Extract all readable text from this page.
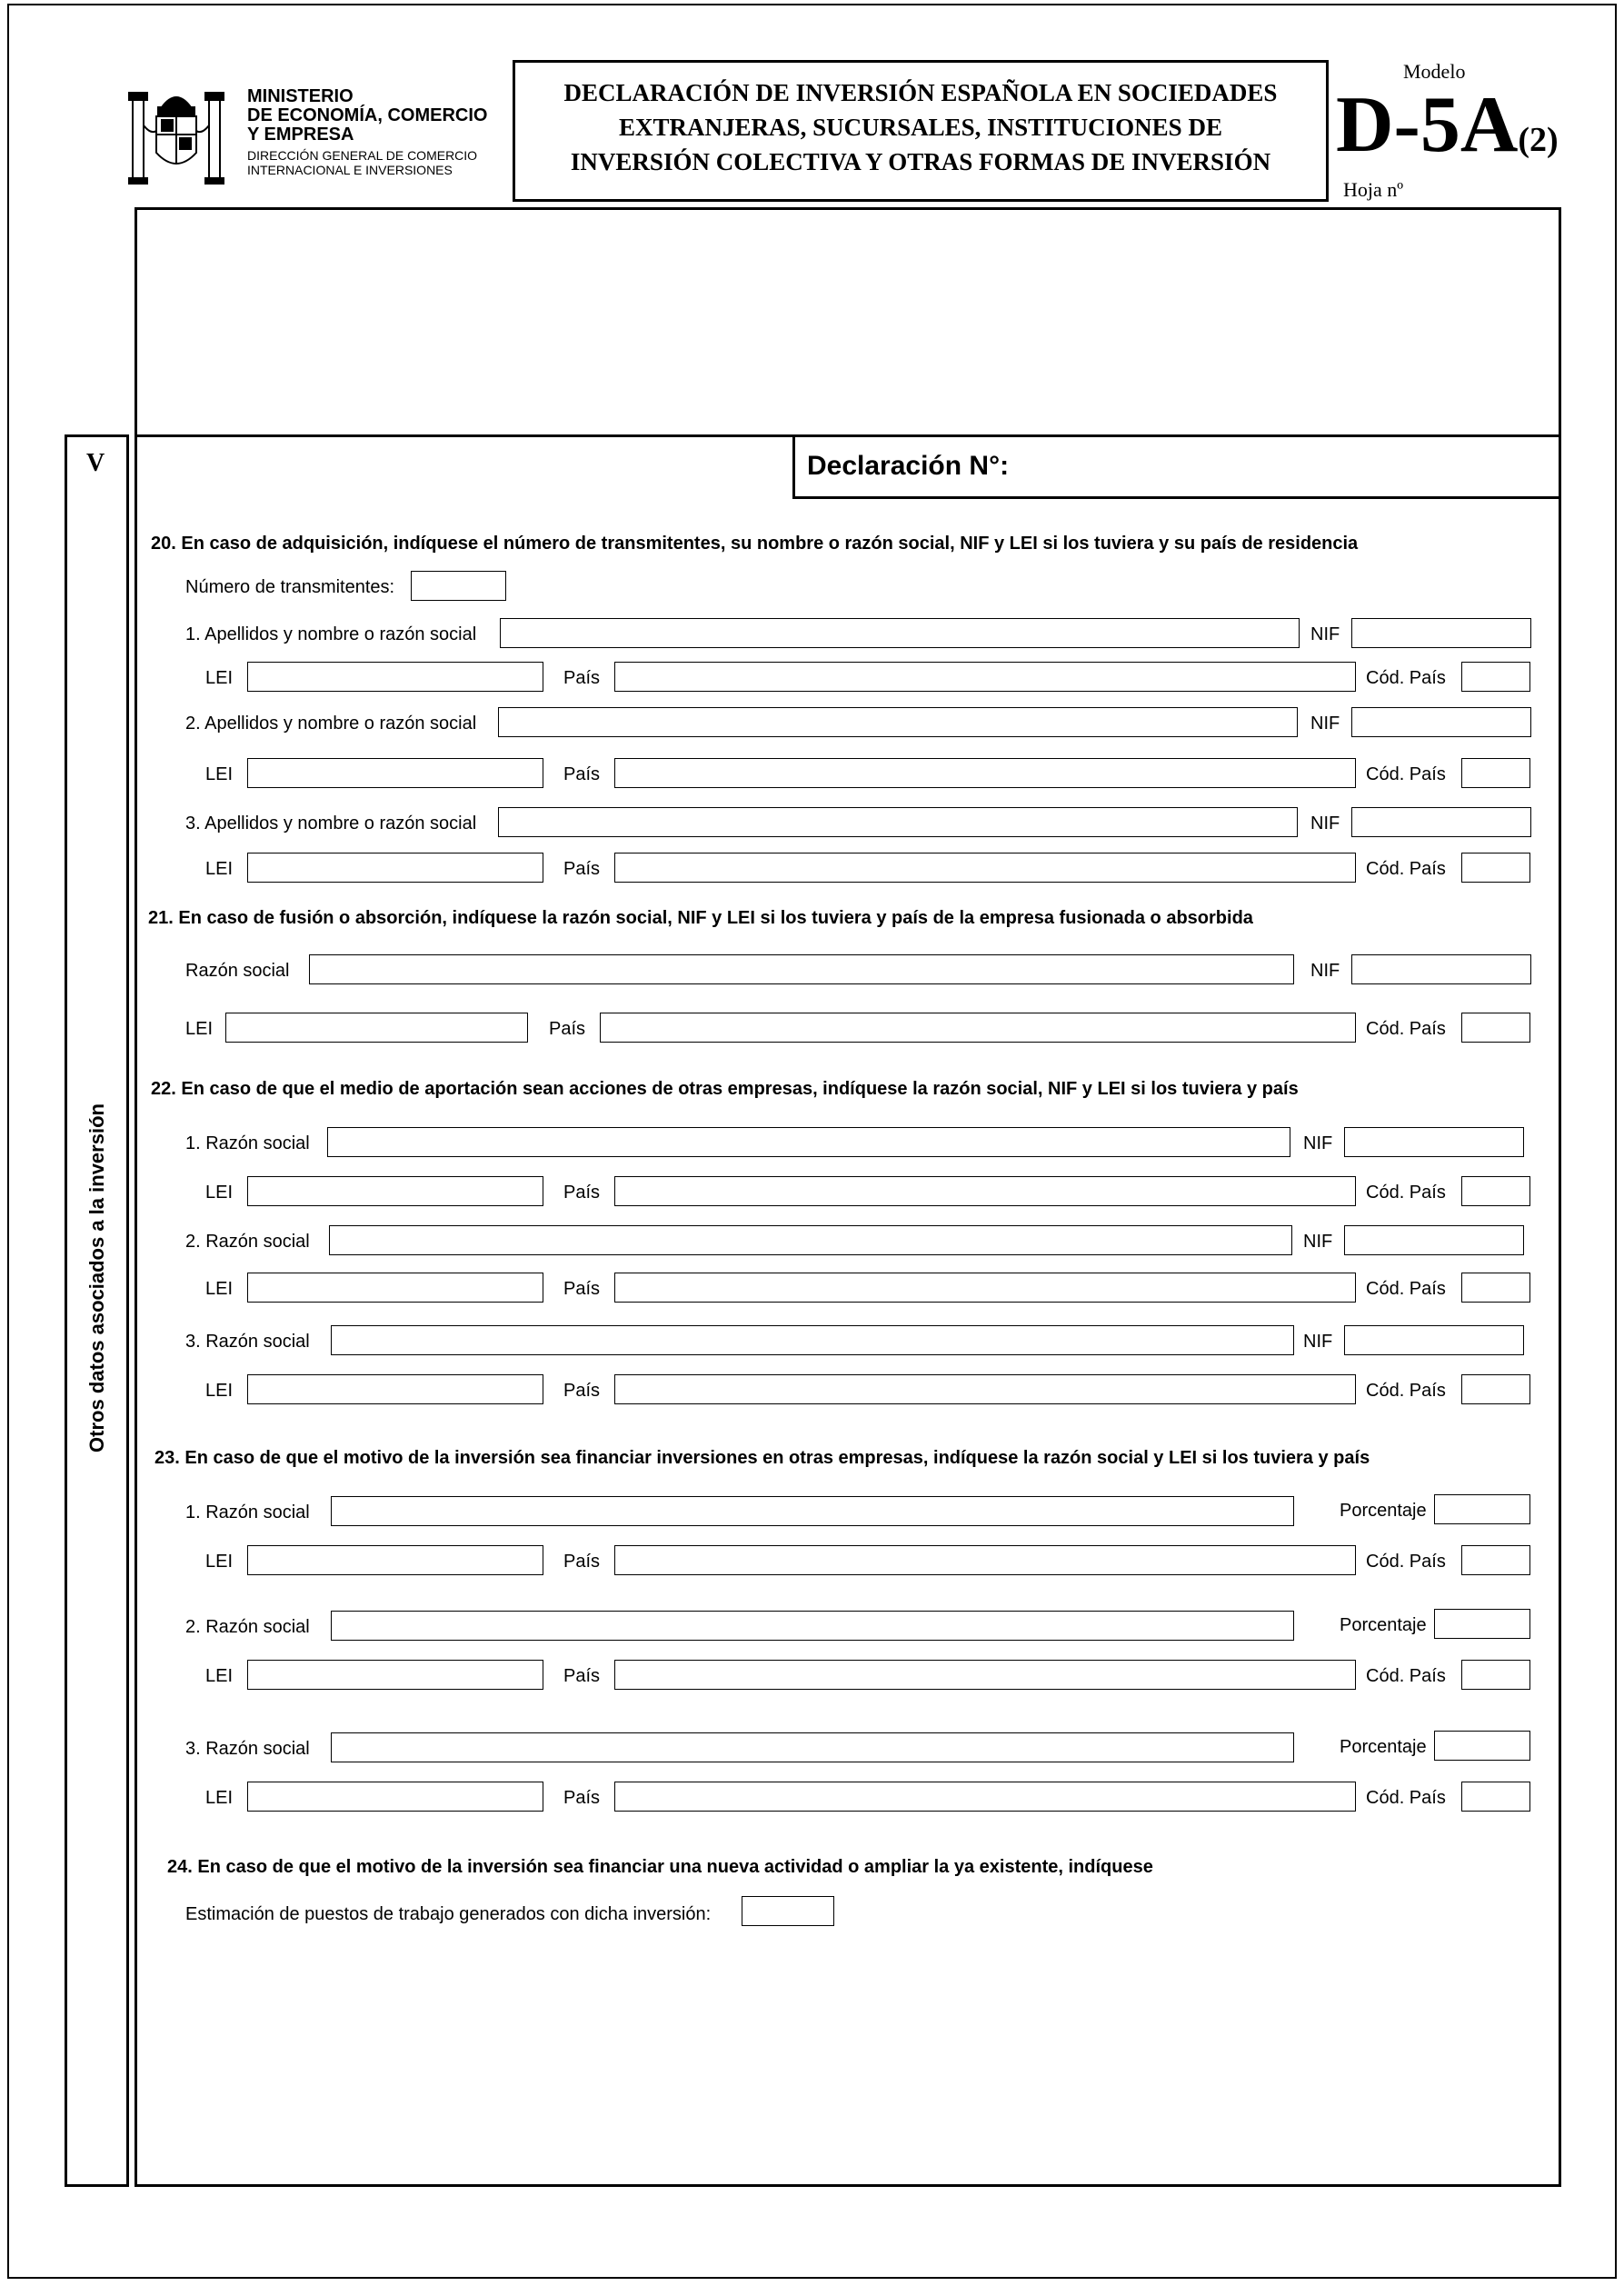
MINISTERIO
DE ECONOMÍA, COMERCIO
Y EMPRESA
DIRECCIÓN GENERAL DE COMERCIO
INTERNACIONAL E INVERSIONES
DECLARACIÓN DE INVERSIÓN ESPAÑOLA EN SOCIEDADES
EXTRANJERAS, SUCURSALES, INSTITUCIONES DE
INVERSIÓN COLECTIVA Y OTRAS FORMAS DE INVERSIÓN
Modelo
D-5A(2)
Hoja nº
V
Otros datos asociados a la inversión
Declaración N°:
20. En caso de adquisición, indíquese el número de transmitentes, su nombre o razón social, NIF y LEI si los tuviera y su país de residencia
Número de transmitentes:
1. Apellidos y nombre o razón social	NIF
LEI	País	Cód. País
2. Apellidos y nombre o razón social	NIF
LEI	País	Cód. País
3. Apellidos y nombre o razón social	NIF
LEI	País	Cód. País
21. En caso de fusión o absorción, indíquese la razón social, NIF y LEI si los tuviera y país de la empresa fusionada o absorbida
Razón social	NIF
LEI	País	Cód. País
22. En caso de que el medio de aportación sean acciones de otras empresas, indíquese la razón social, NIF y LEI si los tuviera y país
1. Razón social	NIF
LEI	País	Cód. País
2. Razón social	NIF
LEI	País	Cód. País
3. Razón social	NIF
LEI	País	Cód. País
23. En caso de que el motivo de la inversión sea financiar inversiones en otras empresas, indíquese la razón social y LEI si los tuviera y país
1. Razón social	Porcentaje
LEI	País	Cód. País
2. Razón social	Porcentaje
LEI	País	Cód. País
3. Razón social	Porcentaje
LEI	País	Cód. País
24. En caso de que el motivo de la inversión sea financiar una nueva actividad o ampliar la ya existente, indíquese
Estimación de puestos de trabajo generados con dicha inversión:
